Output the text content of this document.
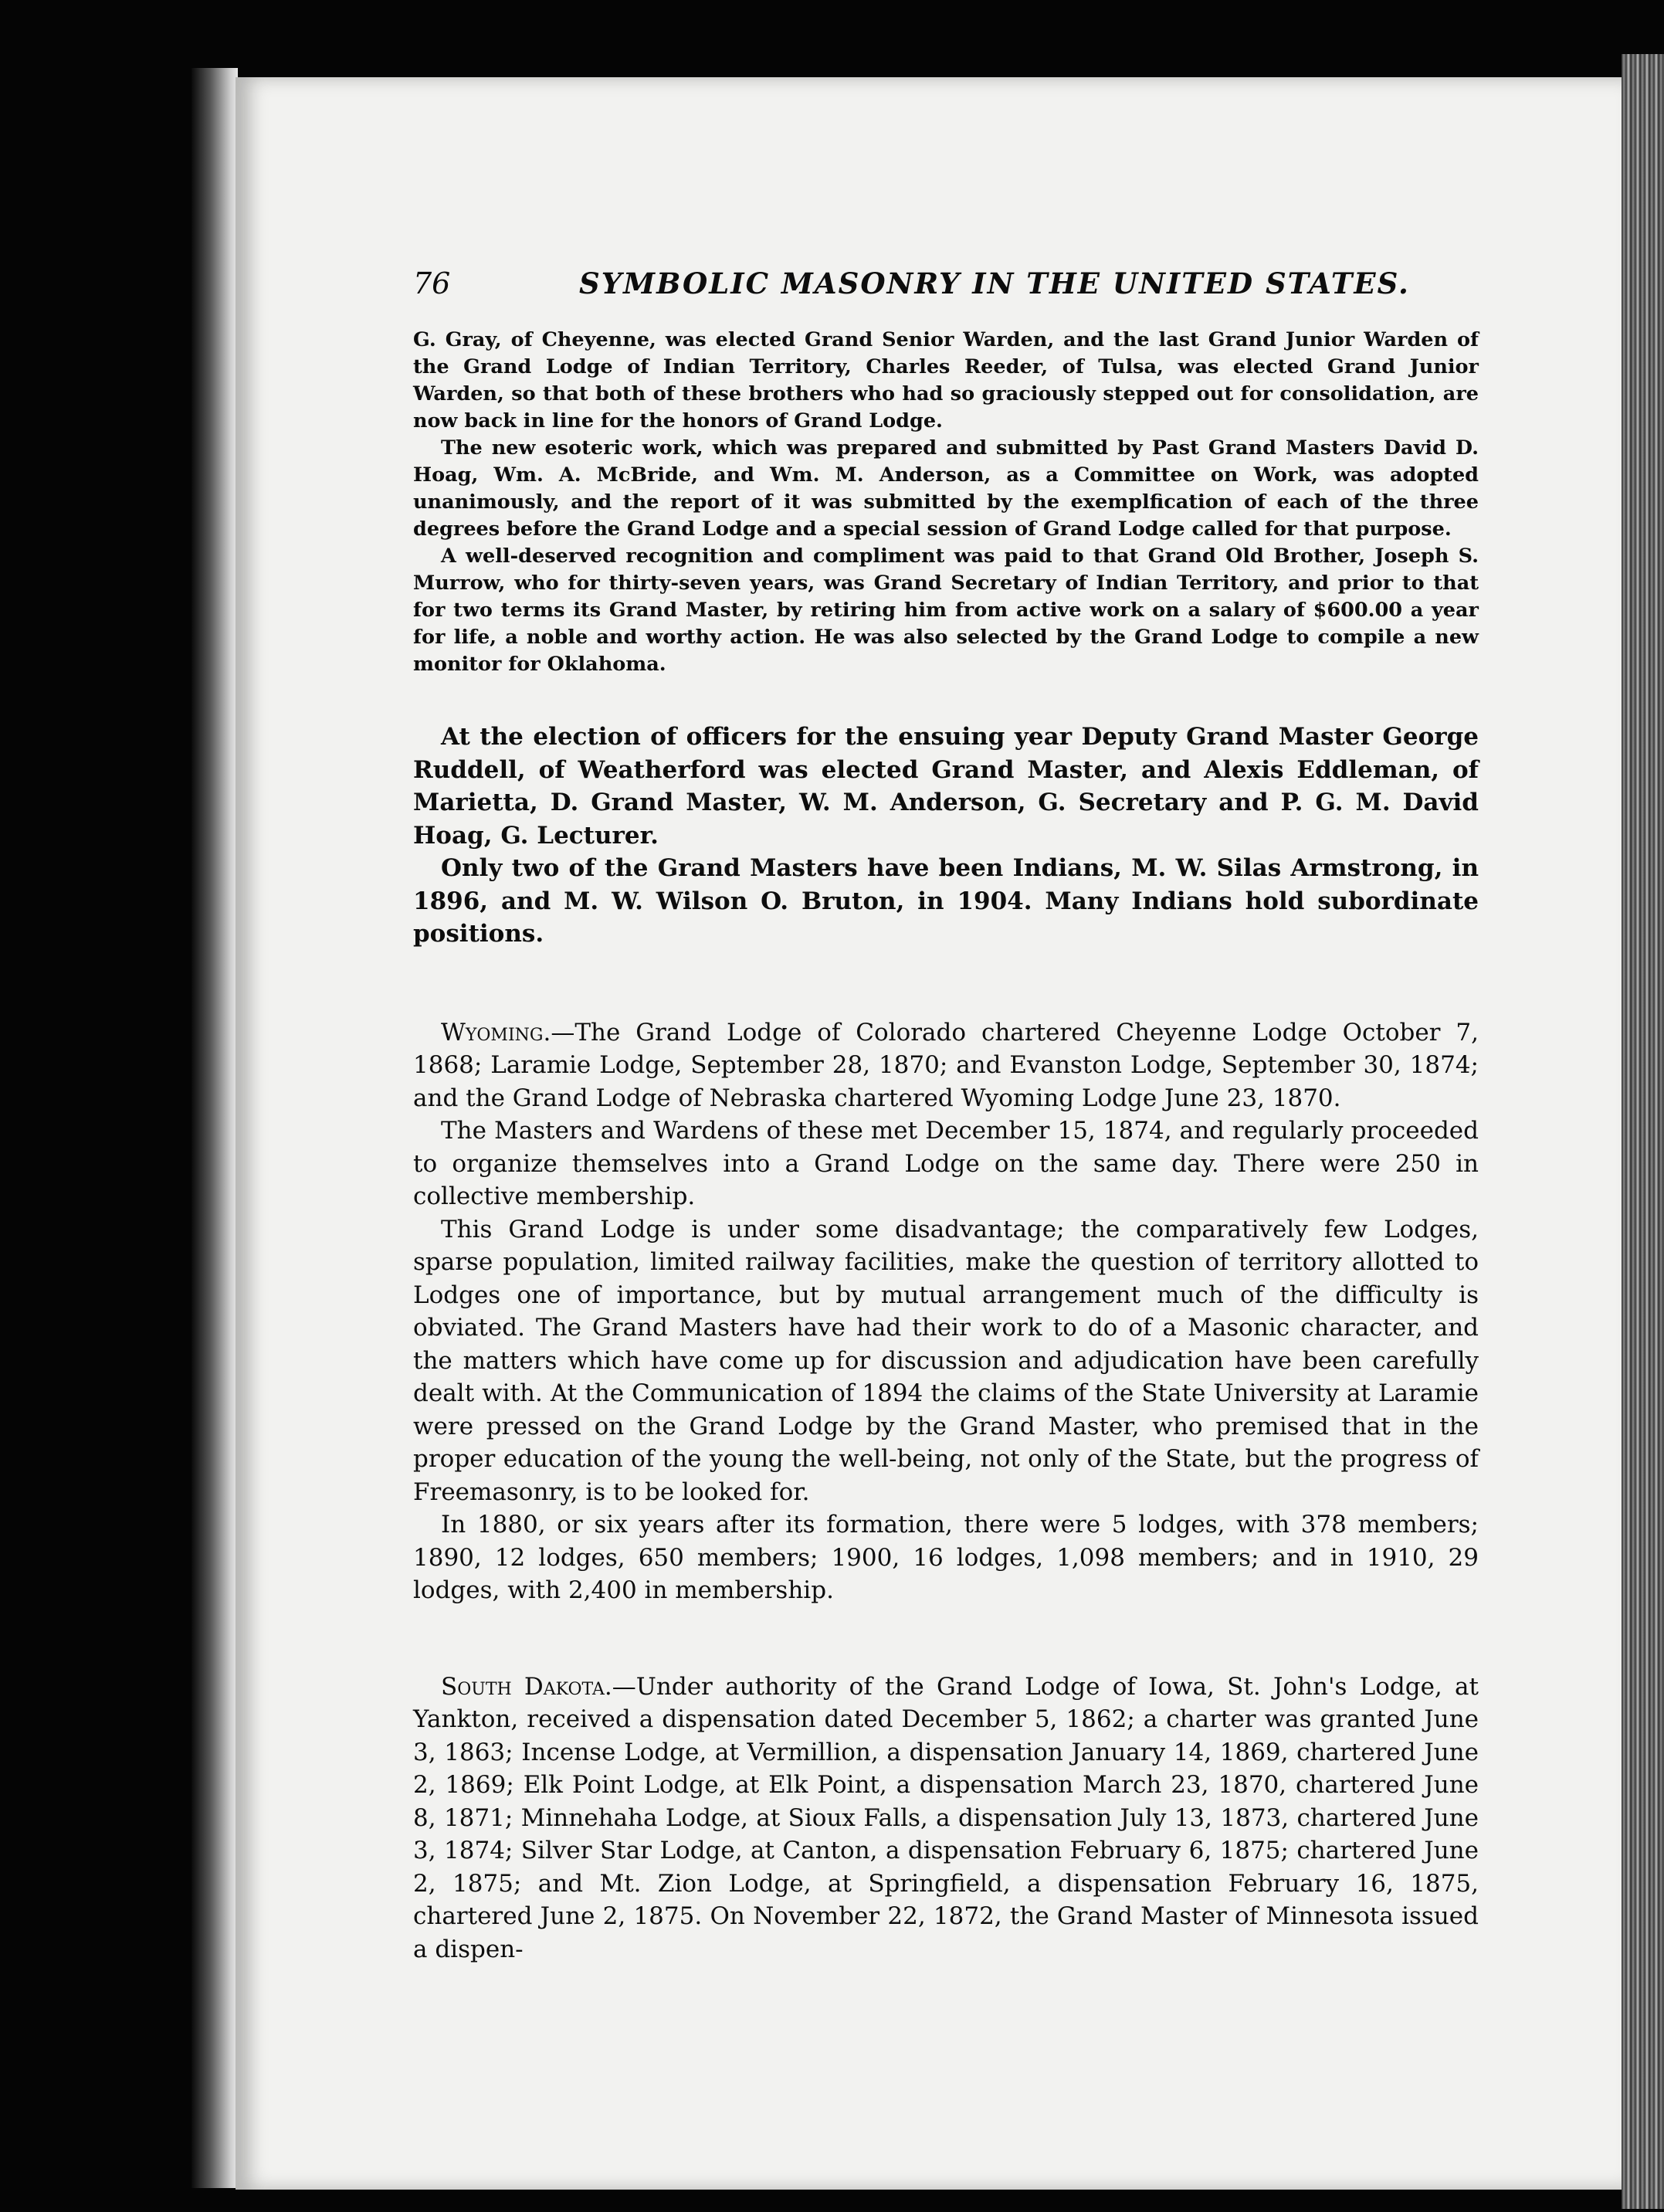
76	SYMBOLIC MASONRY IN THE UNITED STATES.

G. Gray, of Cheyenne, was elected Grand Senior Warden, and the last Grand Junior Warden of the Grand Lodge of Indian Territory, Charles Reeder, of Tulsa, was elected Grand Junior Warden, so that both of these brothers who had so graciously stepped out for consolidation, are now back in line for the honors of Grand Lodge.

The new esoteric work, which was prepared and submitted by Past Grand Masters David D. Hoag, Wm. A. McBride, and Wm. M. Anderson, as a Committee on Work, was adopted unanimously, and the report of it was submitted by the exemplfication of each of the three degrees before the Grand Lodge and a special session of Grand Lodge called for that purpose.

A well-deserved recognition and compliment was paid to that Grand Old Brother, Joseph S. Murrow, who for thirty-seven years, was Grand Secretary of Indian Territory, and prior to that for two terms its Grand Master, by retiring him from active work on a salary of $600.00 a year for life, a noble and worthy action. He was also selected by the Grand Lodge to compile a new monitor for Oklahoma.

At the election of officers for the ensuing year Deputy Grand Master George Ruddell, of Weatherford was elected Grand Master, and Alexis Eddleman, of Marietta, D. Grand Master, W. M. Anderson, G. Secretary and P. G. M. David Hoag, G. Lecturer.

Only two of the Grand Masters have been Indians, M. W. Silas Armstrong, in 1896, and M. W. Wilson O. Bruton, in 1904. Many Indians hold subordinate positions.

Wyoming.—The Grand Lodge of Colorado chartered Cheyenne Lodge October 7, 1868; Laramie Lodge, September 28, 1870; and Evanston Lodge, September 30, 1874; and the Grand Lodge of Nebraska chartered Wyoming Lodge June 23, 1870.

The Masters and Wardens of these met December 15, 1874, and regularly proceeded to organize themselves into a Grand Lodge on the same day. There were 250 in collective membership.

This Grand Lodge is under some disadvantage; the comparatively few Lodges, sparse population, limited railway facilities, make the question of territory allotted to Lodges one of importance, but by mutual arrangement much of the difficulty is obviated. The Grand Masters have had their work to do of a Masonic character, and the matters which have come up for discussion and adjudication have been carefully dealt with. At the Communication of 1894 the claims of the State University at Laramie were pressed on the Grand Lodge by the Grand Master, who premised that in the proper education of the young the well-being, not only of the State, but the progress of Freemasonry, is to be looked for.

In 1880, or six years after its formation, there were 5 lodges, with 378 members; 1890, 12 lodges, 650 members; 1900, 16 lodges, 1,098 members; and in 1910, 29 lodges, with 2,400 in membership.

South Dakota.—Under authority of the Grand Lodge of Iowa, St. John's Lodge, at Yankton, received a dispensation dated December 5, 1862; a charter was granted June 3, 1863; Incense Lodge, at Vermillion, a dispensation January 14, 1869, chartered June 2, 1869; Elk Point Lodge, at Elk Point, a dispensation March 23, 1870, chartered June 8, 1871; Minnehaha Lodge, at Sioux Falls, a dispensation July 13, 1873, chartered June 3, 1874; Silver Star Lodge, at Canton, a dispensation February 6, 1875; chartered June 2, 1875; and Mt. Zion Lodge, at Springfield, a dispensation February 16, 1875, chartered June 2, 1875. On November 22, 1872, the Grand Master of Minnesota issued a dispen-
